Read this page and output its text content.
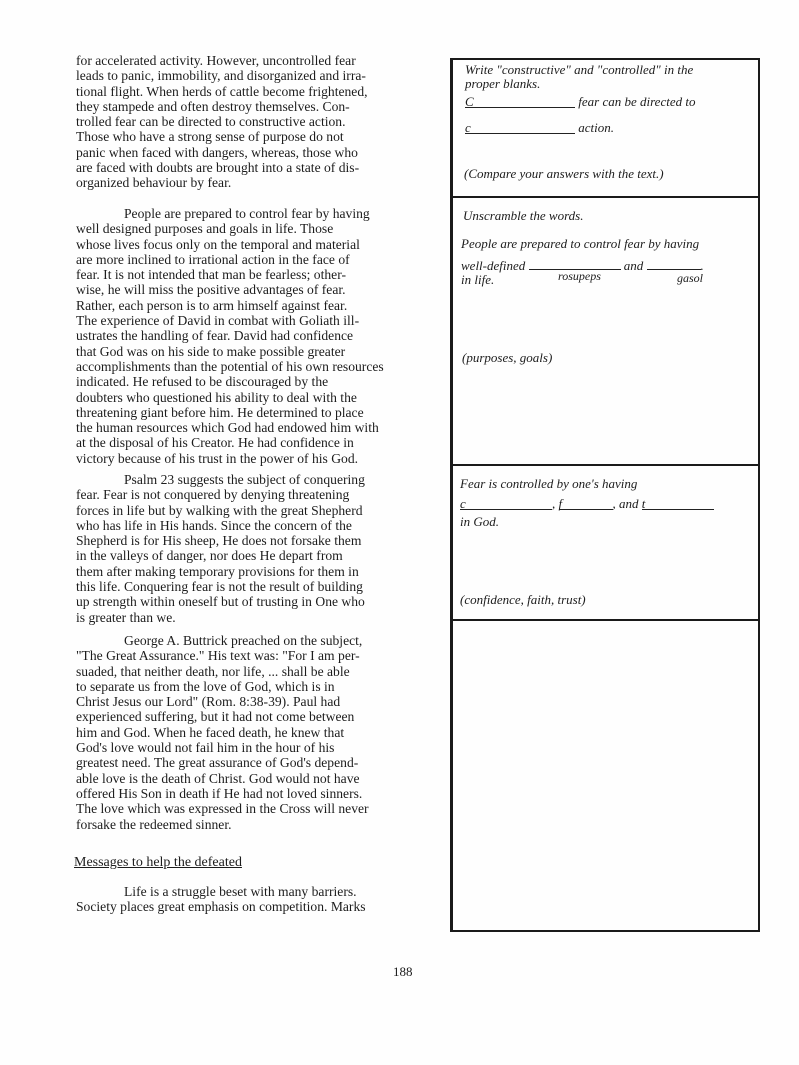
for accelerated activity. However, uncontrolled fear
leads to panic, immobility, and disorganized and irra-
tional flight. When herds of cattle become frightened,
they stampede and often destroy themselves. Con-
trolled fear can be directed to constructive action.
Those who have a strong sense of purpose do not
panic when faced with dangers, whereas, those who
are faced with doubts are brought into a state of dis-
organized behaviour by fear.
People are prepared to control fear by having
well designed purposes and goals in life. Those
whose lives focus only on the temporal and material
are more inclined to irrational action in the face of
fear. It is not intended that man be fearless; other-
wise, he will miss the positive advantages of fear.
Rather, each person is to arm himself against fear.
The experience of David in combat with Goliath ill-
ustrates the handling of fear. David had confidence
that God was on his side to make possible greater
accomplishments than the potential of his own resources
indicated. He refused to be discouraged by the
doubters who questioned his ability to deal with the
threatening giant before him. He determined to place
the human resources which God had endowed him with
at the disposal of his Creator. He had confidence in
victory because of his trust in the power of his God.
Psalm 23 suggests the subject of conquering
fear. Fear is not conquered by denying threatening
forces in life but by walking with the great Shepherd
who has life in His hands. Since the concern of the
Shepherd is for His sheep, He does not forsake them
in the valleys of danger, nor does He depart from
them after making temporary provisions for them in
this life. Conquering fear is not the result of building
up strength within oneself but of trusting in One who
is greater than we.
George A. Buttrick preached on the subject,
"The Great Assurance." His text was: "For I am per-
suaded, that neither death, nor life, ... shall be able
to separate us from the love of God, which is in
Christ Jesus our Lord" (Rom. 8:38-39). Paul had
experienced suffering, but it had not come between
him and God. When he faced death, he knew that
God's love would not fail him in the hour of his
greatest need. The great assurance of God's depend-
able love is the death of Christ. God would not have
offered His Son in death if He had not loved sinners.
The love which was expressed in the Cross will never
forsake the redeemed sinner.
Messages to help the defeated
Life is a struggle beset with many barriers.
Society places great emphasis on competition. Marks
Write "constructive" and "controlled" in the
proper blanks.
C	fear can be directed to
c	action.
(Compare your answers with the text.)
Unscramble the words.
People are prepared to control fear by having
well-defined	and	.
in life.	rosupeps	gasol
(purposes, goals)
Fear is controlled by one's having
c	, f	, and t
in God.
(confidence, faith, trust)
188
